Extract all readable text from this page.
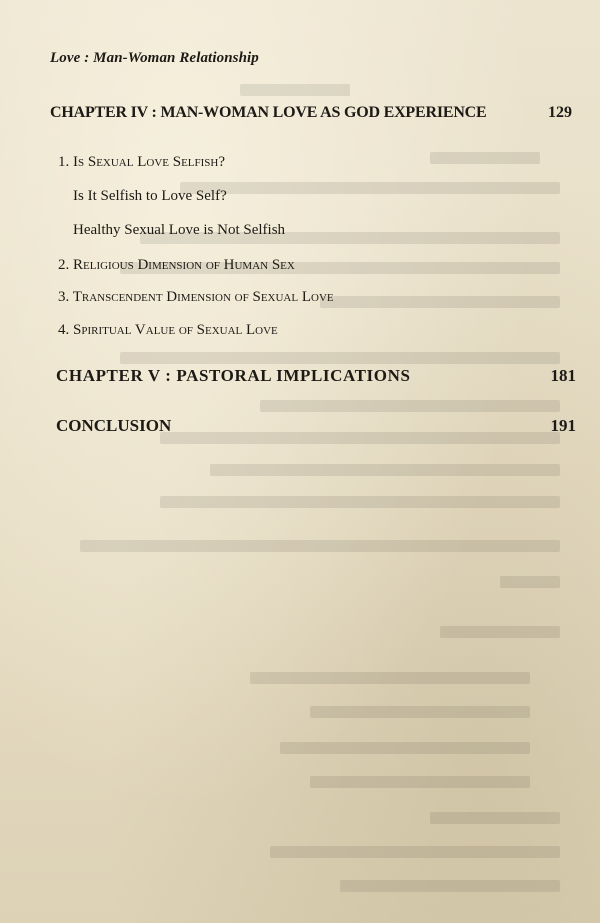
Love : Man-Woman Relationship
CHAPTER IV : MAN-WOMAN LOVE AS GOD EXPERIENCE	129
1. Is Sexual Love Selfish?
Is It Selfish to Love Self?
Healthy Sexual Love is Not Selfish
2. Religious Dimension of Human Sex
3. Transcendent Dimension of Sexual Love
4. Spiritual Value of Sexual Love
CHAPTER V : PASTORAL IMPLICATIONS	181
CONCLUSION	191
